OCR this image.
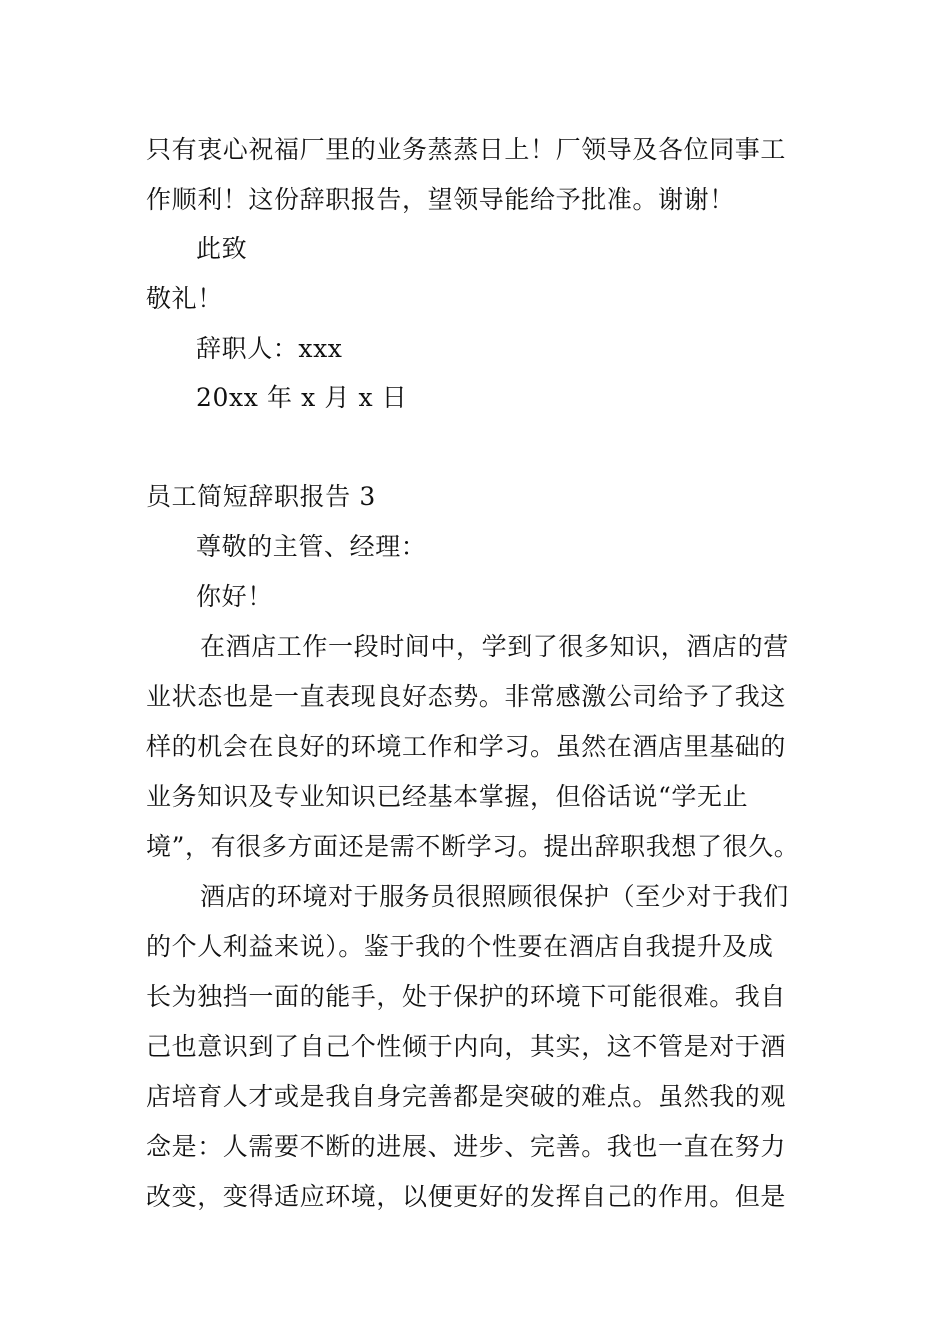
只有衷心祝福厂里的业务蒸蒸日上！厂领导及各位同事工
作顺利！这份辞职报告，望领导能给予批准。谢谢！
此致
敬礼！
辞职人：xxx
20xx 年 x 月 x 日
员工简短辞职报告 3
尊敬的主管、经理：
你好！
在酒店工作一段时间中，学到了很多知识，酒店的营
业状态也是一直表现良好态势。非常感激公司给予了我这
样的机会在良好的环境工作和学习。虽然在酒店里基础的
业务知识及专业知识已经基本掌握，但俗话说“学无止
境”，有很多方面还是需不断学习。提出辞职我想了很久。
酒店的环境对于服务员很照顾很保护（至少对于我们
的个人利益来说）。鉴于我的个性要在酒店自我提升及成
长为独挡一面的能手，处于保护的环境下可能很难。我自
己也意识到了自己个性倾于内向，其实，这不管是对于酒
店培育人才或是我自身完善都是突破的难点。虽然我的观
念是：人需要不断的进展、进步、完善。我也一直在努力
改变，变得适应环境，以便更好的发挥自己的作用。但是
